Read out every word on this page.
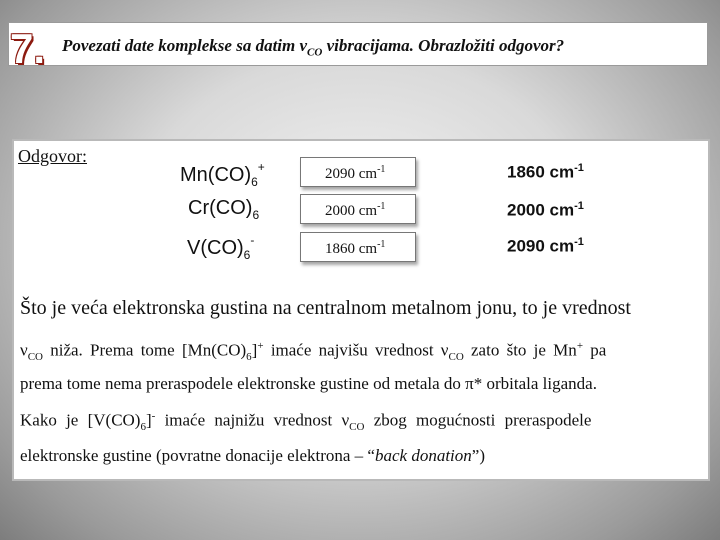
7. Povezati date komplekse sa datim $\nu_{CO}$ vibracijama. Obrazložiti odgovor?
Odgovor:
$Mn(CO)_6^+$
$Cr(CO)_6$
$V(CO)_6^-$
2090 $cm^{-1}$
2000 $cm^{-1}$
1860 $cm^{-1}$
1860 $cm^{-1}$
2000 $cm^{-1}$
2090 $cm^{-1}$
Što je veća elektronska gustina na centralnom metalnom jonu, to je vrednost
$\nu_{CO}$ niža. Prema tome $[Mn(CO)_6]^+$ imaće najvišu vrednost $\nu_{CO}$ zato što je Mn+ pa
prema tome nema preraspodele elektronske gustine od metala do π* orbitala liganda.
Kako je $[V(CO)_6]^-$ imaće najnižu vrednost $\nu_{CO}$ zbog mogućnosti preraspodele
elektronske gustine (povratne donacije elektrona – “back donation”)
